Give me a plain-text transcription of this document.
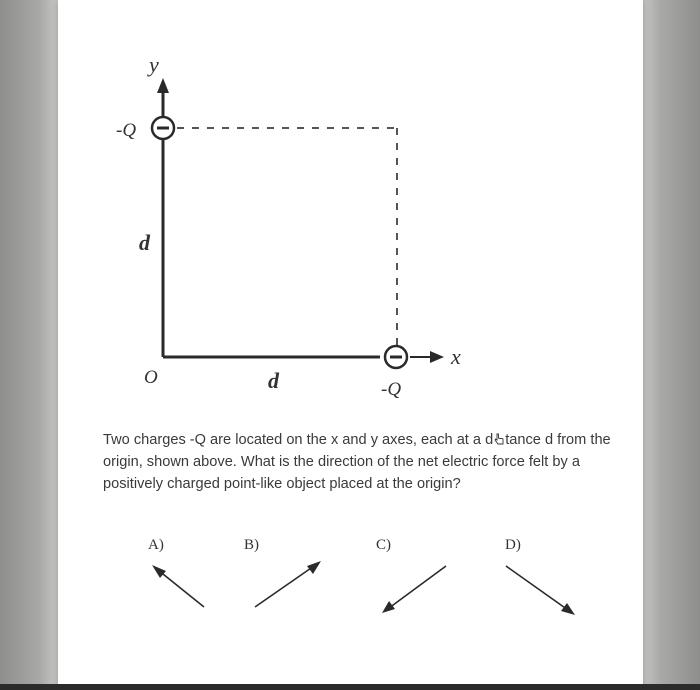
y
x
O
d
d
-Q
-Q
Two charges -Q are located on the x and y axes, each at a d tance d from the origin, shown above. What is the direction of the net electric force felt by a positively charged point-like object placed at the origin?
A)	B)	C)	D)
